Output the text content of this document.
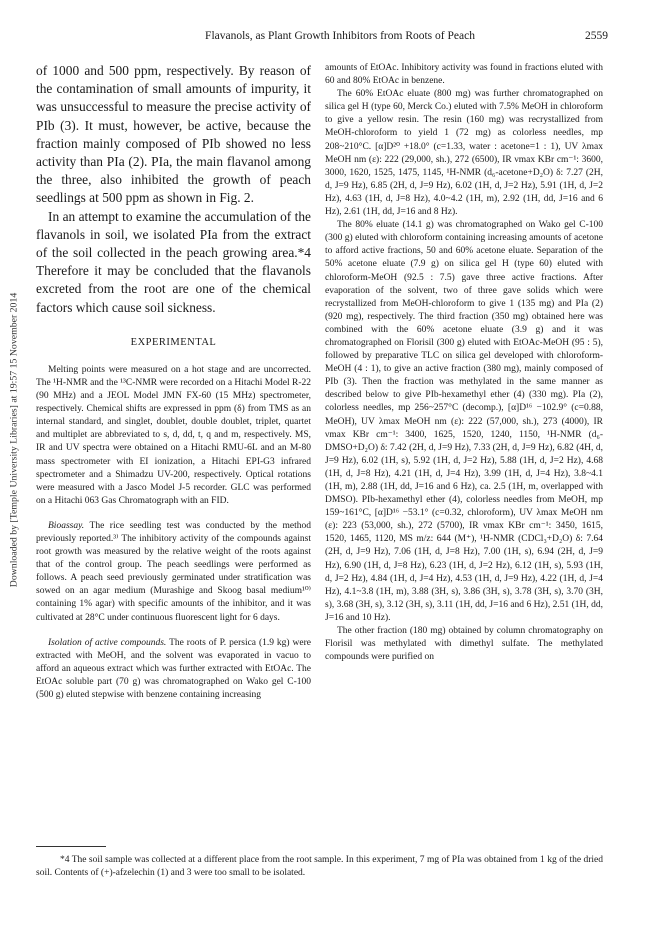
Flavanols, as Plant Growth Inhibitors from Roots of Peach	2559
Downloaded by [Temple University Libraries] at 19:57 15 November 2014

of 1000 and 500 ppm, respectively. By reason of the contamination of small amounts of impurity, it was unsuccessful to measure the precise activity of PIb (3). It must, however, be active, because the fraction mainly composed of PIb showed no less activity than PIa (2). PIa, the main flavanol among the three, also inhibited the growth of peach seedlings at 500 ppm as shown in Fig. 2.

In an attempt to examine the accumulation of the flavanols in soil, we isolated PIa from the extract of the soil collected in the peach growing area.*4 Therefore it may be concluded that the flavanols excreted from the root are one of the chemical factors which cause soil sickness.

EXPERIMENTAL

Melting points were measured on a hot stage and are uncorrected. The ¹H-NMR and the ¹³C-NMR were recorded on a Hitachi Model R-22 (90 MHz) and a JEOL Model JMN FX-60 (15 MHz) spectrometer, respectively. Chemical shifts are expressed in ppm (δ) from TMS as an internal standard, and singlet, doublet, double doublet, triplet, quartet and multiplet are abbreviated to s, d, dd, t, q and m, respectively. MS, IR and UV spectra were obtained on a Hitachi RMU-6L and an M-80 mass spectrometer with EI ionization, a Hitachi EPI-G3 infrared spectrometer and a Shimadzu UV-200, respectively. Optical rotations were measured with a Jasco Model J-5 recorder. GLC was performed on a Hitachi 063 Gas Chromatograph with an FID.

Bioassay. The rice seedling test was conducted by the method previously reported.³⁾ The inhibitory activity of the compounds against root growth was measured by the relative weight of the roots against that of the control group. The peach seedlings were performed as follows. A peach seed previously germinated under stratification was sowed on an agar medium (Murashige and Skoog basal medium¹⁰⁾ containing 1% agar) with specific amounts of the inhibitor, and it was cultivated at 28°C under continuous fluorescent light for 6 days.

Isolation of active compounds. The roots of P. persica (1.9 kg) were extracted with MeOH, and the solvent was evaporated in vacuo to afford an aqueous extract which was further extracted with EtOAc. The EtOAc soluble part (70 g) was chromatographed on Wako gel C-100 (500 g) eluted stepwise with benzene containing increasing

amounts of EtOAc. Inhibitory activity was found in fractions eluted with 60 and 80% EtOAc in benzene.

The 60% EtOAc eluate (800 mg) was further chromatographed on silica gel H (type 60, Merck Co.) eluted with 7.5% MeOH in chloroform to give a yellow resin. The resin (160 mg) was recrystallized from MeOH-chloroform to yield 1 (72 mg) as colorless needles, mp 208~210°C. [α]D²⁰ +18.0° (c=1.33, water : acetone=1 : 1), UV λmax MeOH nm (ε): 222 (29,000, sh.), 272 (6500), IR νmax KBr cm⁻¹: 3600, 3000, 1620, 1525, 1475, 1145, ¹H-NMR (d₆-acetone+D₂O) δ: 7.27 (2H, d, J=9 Hz), 6.85 (2H, d, J=9 Hz), 6.02 (1H, d, J=2 Hz), 5.91 (1H, d, J=2 Hz), 4.63 (1H, d, J=8 Hz), 4.0~4.2 (1H, m), 2.92 (1H, dd, J=16 and 6 Hz), 2.61 (1H, dd, J=16 and 8 Hz).

The 80% eluate (14.1 g) was chromatographed on Wako gel C-100 (300 g) eluted with chloroform containing increasing amounts of acetone to afford active fractions, 50 and 60% acetone eluate. Separation of the 50% acetone eluate (7.9 g) on silica gel H (type 60) eluted with chloroform-MeOH (92.5 : 7.5) gave three active fractions. After evaporation of the solvent, two of three gave solids which were recrystallized from MeOH-chloroform to give 1 (135 mg) and PIa (2) (920 mg), respectively. The third fraction (350 mg) obtained here was combined with the 60% acetone eluate (3.9 g) and it was chromatographed on Florisil (300 g) eluted with EtOAc-MeOH (95 : 5), followed by preparative TLC on silica gel developed with chloroform-MeOH (4 : 1), to give an active fraction (380 mg), mainly composed of PIb (3). Then the fraction was methylated in the same manner as described below to give PIb-hexamethyl ether (4) (330 mg). PIa (2), colorless needles, mp 256~257°C (decomp.), [α]D¹⁶ −102.9° (c=0.88, MeOH), UV λmax MeOH nm (ε): 222 (57,000, sh.), 273 (4000), IR νmax KBr cm⁻¹: 3400, 1625, 1520, 1240, 1150, ¹H-NMR (d₆-DMSO+D₂O) δ: 7.42 (2H, d, J=9 Hz), 7.33 (2H, d, J=9 Hz), 6.82 (4H, d, J=9 Hz), 6.02 (1H, s), 5.92 (1H, d, J=2 Hz), 5.88 (1H, d, J=2 Hz), 4.68 (1H, d, J=8 Hz), 4.21 (1H, d, J=4 Hz), 3.99 (1H, d, J=4 Hz), 3.8~4.1 (1H, m), 2.88 (1H, dd, J=16 and 6 Hz), ca. 2.5 (1H, m, overlapped with DMSO). PIb-hexamethyl ether (4), colorless needles from MeOH, mp 159~161°C, [α]D¹⁶ −53.1° (c=0.32, chloroform), UV λmax MeOH nm (ε): 223 (53,000, sh.), 272 (5700), IR νmax KBr cm⁻¹: 3450, 1615, 1520, 1465, 1120, MS m/z: 644 (M⁺), ¹H-NMR (CDCl₃+D₂O) δ: 7.64 (2H, d, J=9 Hz), 7.06 (1H, d, J=8 Hz), 7.00 (1H, s), 6.94 (2H, d, J=9 Hz), 6.90 (1H, d, J=8 Hz), 6.23 (1H, d, J=2 Hz), 6.12 (1H, s), 5.93 (1H, d, J=2 Hz), 4.84 (1H, d, J=4 Hz), 4.53 (1H, d, J=9 Hz), 4.22 (1H, d, J=4 Hz), 4.1~3.8 (1H, m), 3.88 (3H, s), 3.86 (3H, s), 3.78 (3H, s), 3.70 (3H, s), 3.68 (3H, s), 3.12 (3H, s), 3.11 (1H, dd, J=16 and 6 Hz), 2.51 (1H, dd, J=16 and 10 Hz).

The other fraction (180 mg) obtained by column chromatography on Florisil was methylated with dimethyl sulfate. The methylated compounds were purified on

*4 The soil sample was collected at a different place from the root sample. In this experiment, 7 mg of PIa was obtained from 1 kg of the dried soil. Contents of (+)-afzelechin (1) and 3 were too small to be isolated.
